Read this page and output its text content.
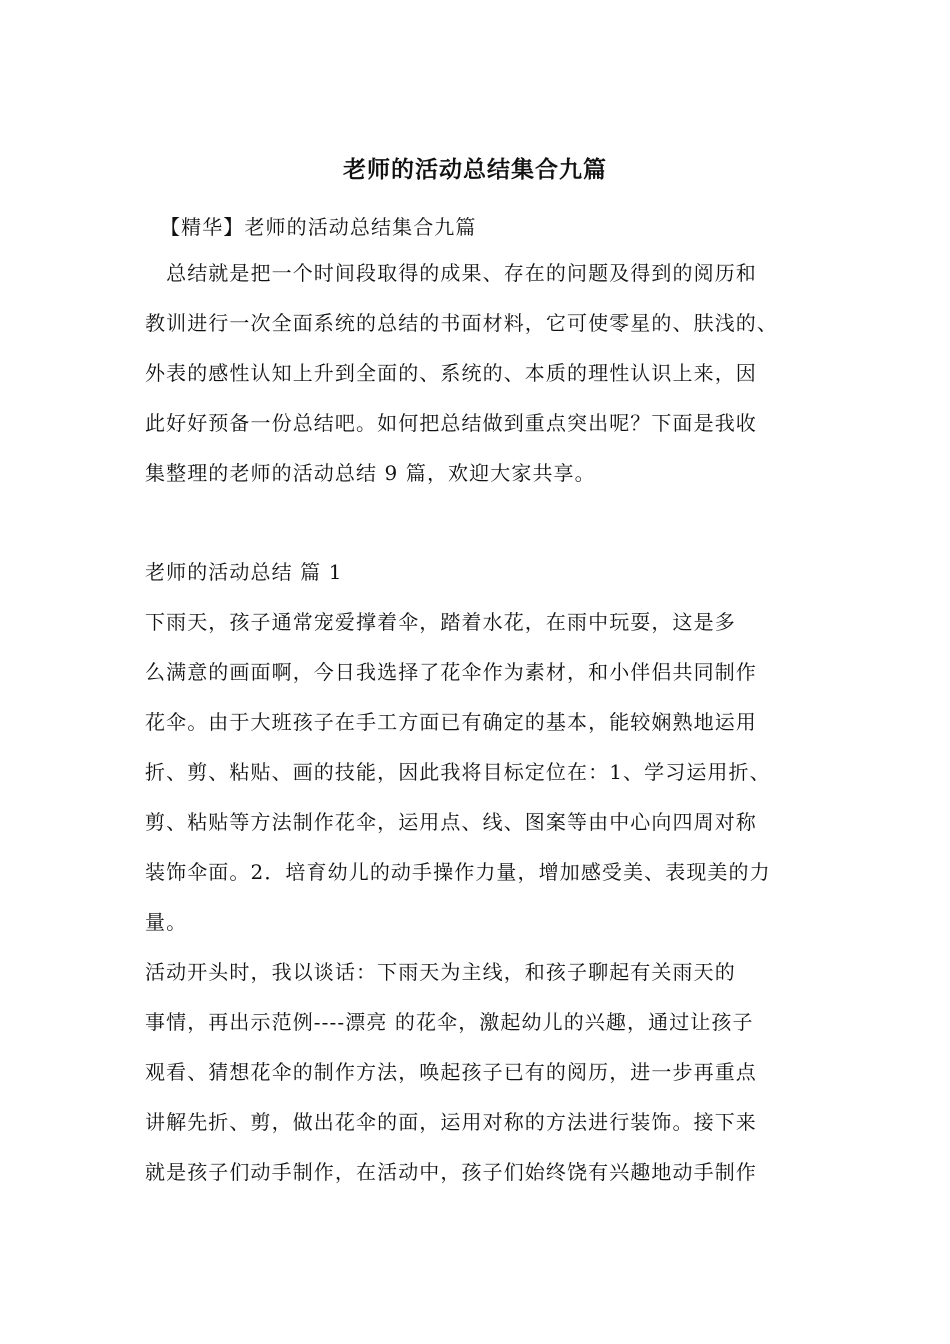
老师的活动总结集合九篇
【精华】老师的活动总结集合九篇
　总结就是把一个时间段取得的成果、存在的问题及得到的阅历和
教训进行一次全面系统的总结的书面材料，它可使零星的、肤浅的、
外表的感性认知上升到全面的、系统的、本质的理性认识上来，因
此好好预备一份总结吧。如何把总结做到重点突出呢？下面是我收
集整理的老师的活动总结 9 篇，欢迎大家共享。
老师的活动总结 篇 1
下雨天，孩子通常宠爱撑着伞，踏着水花，在雨中玩耍，这是多
么满意的画面啊，今日我选择了花伞作为素材，和小伴侣共同制作
花伞。由于大班孩子在手工方面已有确定的基本，能较娴熟地运用
折、剪、粘贴、画的技能，因此我将目标定位在：1、学习运用折、
剪、粘贴等方法制作花伞，运用点、线、图案等由中心向四周对称
装饰伞面。2．培育幼儿的动手操作力量，增加感受美、表现美的力
量。
活动开头时，我以谈话：下雨天为主线，和孩子聊起有关雨天的
事情，再出示范例----漂亮 的花伞，激起幼儿的兴趣，通过让孩子
观看、猜想花伞的制作方法，唤起孩子已有的阅历，进一步再重点
讲解先折、剪，做出花伞的面，运用对称的方法进行装饰。接下来
就是孩子们动手制作，在活动中，孩子们始终饶有兴趣地动手制作
